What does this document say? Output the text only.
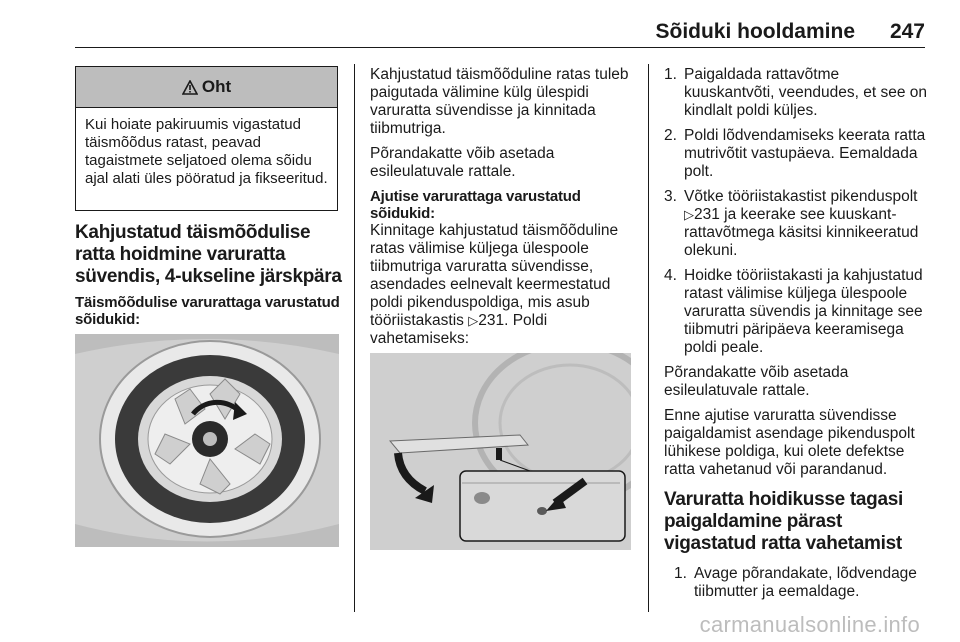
Sõiduki hooldamine 247
Oht
Kui hoiate pakiruumis vigastatud täismõõdus ratast, peavad tagaistmete seljatoed olema sõidu ajal alati üles pööratud ja fikseeritud.
Kahjustatud täismõõdulise ratta hoidmine varuratta süvendis, 4-ukseline järskpära
Täismõõdulise varurattaga varustatud sõidukid:

Kahjustatud täismõõduline ratas tuleb paigutada välimine külg ülespidi varuratta süvendisse ja kinnitada tiibmutriga.

Põrandakatte võib asetada esileulatuvale rattale.

Ajutise varurattaga varustatud sõidukid:

Kinnitage kahjustatud täismõõduline ratas välimise küljega ülespoole tiibmutriga varuratta süvendisse, asendades eelnevalt keermestatud poldi pikenduspoldiga, mis asub tööriistakastis ▷231. Poldi vahetamiseks:

1. Paigaldada rattavõtme kuuskantvõti, veendudes, et see on kindlalt poldi küljes.
2. Poldi lõdvendamiseks keerata ratta mutrivõtit vastupäeva. Eemaldada polt.
3. Võtke tööriistakastist pikenduspolt ▷231 ja keerake see kuuskant-rattavõtmega käsitsi kinnikeeratud olekuni.
4. Hoidke tööriistakasti ja kahjustatud ratast välimise küljega ülespoole varuratta süvendis ja kinnitage see tiibmutri päripäeva keeramisega poldi peale.

Põrandakatte võib asetada esileulatuvale rattale.

Enne ajutise varuratta süvendisse paigaldamist asendage pikenduspolt lühikese poldiga, kui olete defektse ratta vahetanud või parandanud.

Varuratta hoidikusse tagasi paigaldamine pärast vigastatud ratta vahetamist
1. Avage põrandakate, lõdvendage tiibmutter ja eemaldage.
carmanualsonline.info
